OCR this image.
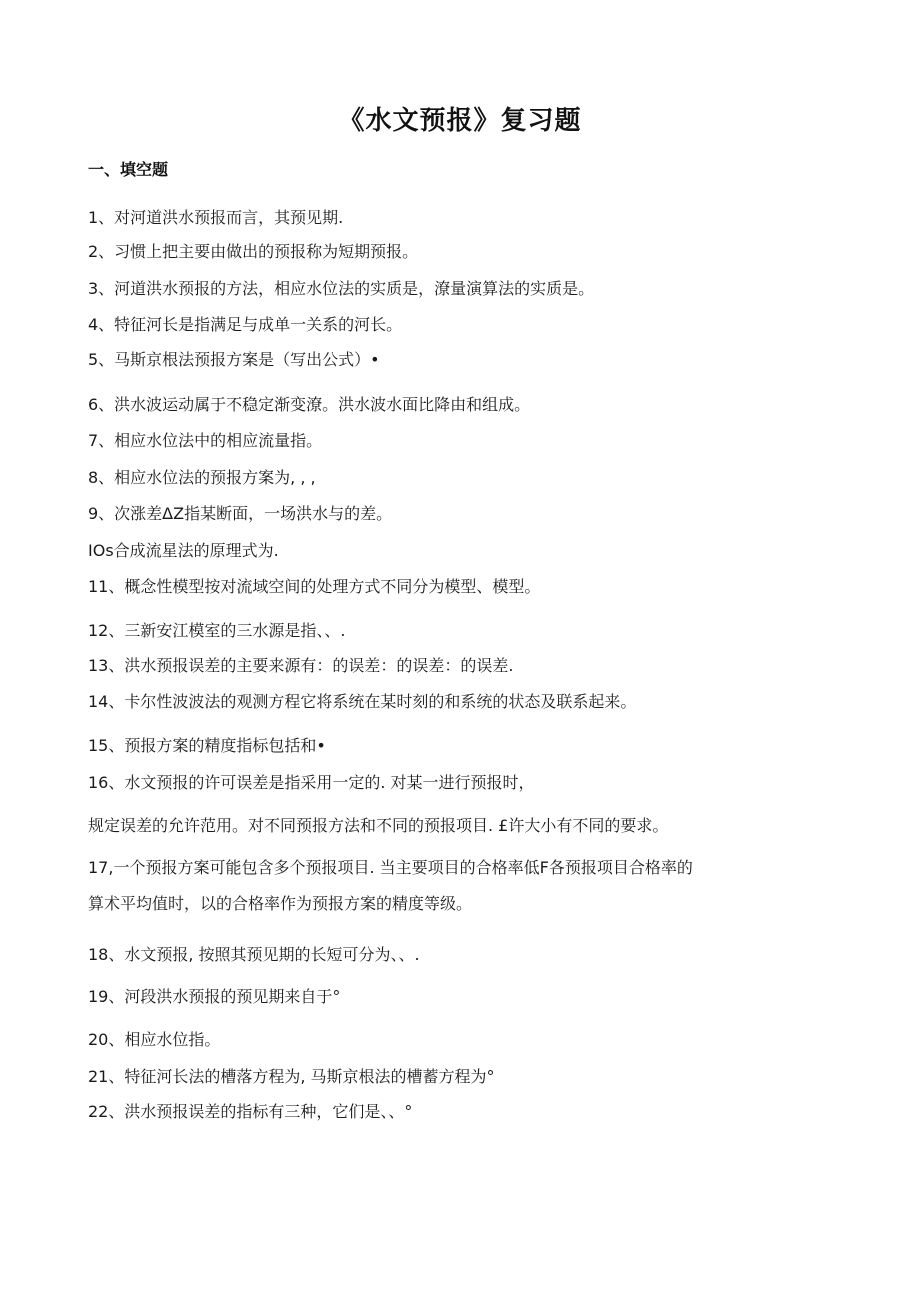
《水文预报》复习题
一、填空题
1、对河道洪水预报而言，其预见期.
2、习惯上把主要由做出的预报称为短期预报。
3、河道洪水预报的方法，相应水位法的实质是，潦量演算法的实质是。
4、特征河长是指满足与成单一关系的河长。
5、马斯京根法预报方案是（写出公式）•
6、洪水波运动属于不稳定渐变潦。洪水波水面比降由和组成。
7、相应水位法中的相应流量指。
8、相应水位法的预报方案为, , ,
9、次涨差ΔZ指某断面，一场洪水与的差。
IOs合成流星法的原理式为.
11、概念性模型按对流域空间的处理方式不同分为模型、模型。
12、三新安江模室的三水源是指、、.
13、洪水预报误差的主要来源有：的误差：的误差：的误差.
14、卡尔性波波法的观测方程它将系统在某时刻的和系统的状态及联系起来。
15、预报方案的精度指标包括和•
16、水文预报的许可误差是指采用一定的. 对某一进行预报时，
规定误差的允许范用。对不同预报方法和不同的预报项目. £许大小有不同的要求。
17,一个预报方案可能包含多个预报项目. 当主要项目的合格率低F各预报项目合格率的
算术平均值时，以的合格率作为预报方案的精度等级。
18、水文预报, 按照其预见期的长短可分为、、.
19、河段洪水预报的预见期来自于°
20、相应水位指。
21、特征河长法的槽落方程为, 马斯京根法的槽蓄方程为°
22、洪水预报误差的指标有三种，它们是、、°
